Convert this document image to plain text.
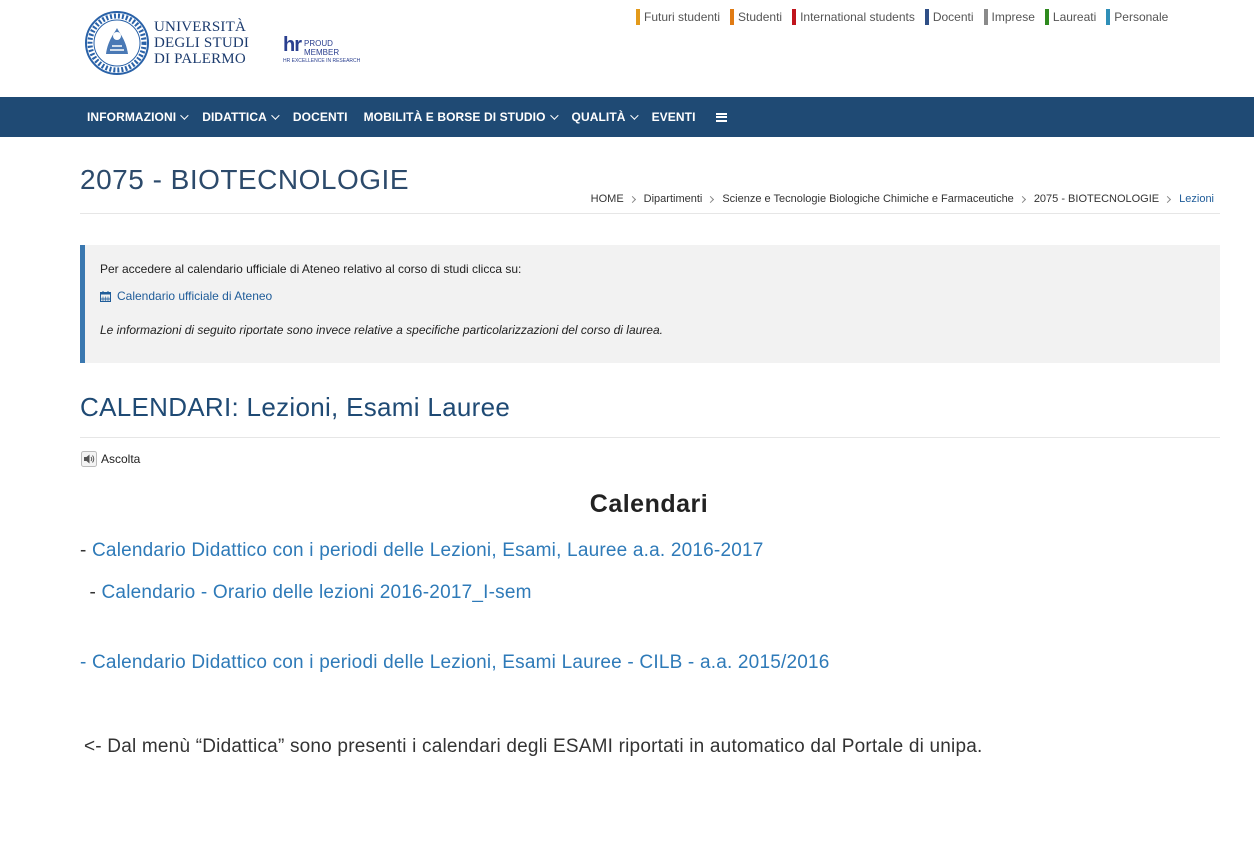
UNIVERSITÀ
DEGLI STUDI
DI PALERMO
hr PROUD
MEMBER
HR EXCELLENCE IN RESEARCH
Futuri studenti Studenti International students Docenti Imprese Laureati Personale
INFORMAZIONI DIDATTICA DOCENTI MOBILITÀ E BORSE DI STUDIO QUALITÀ EVENTI
2075 - BIOTECNOLOGIE
HOME Dipartimenti Scienze e Tecnologie Biologiche Chimiche e Farmaceutiche 2075 - BIOTECNOLOGIE Lezioni
Per accedere al calendario ufficiale di Ateneo relativo al corso di studi clicca su:
Calendario ufficiale di Ateneo
Le informazioni di seguito riportate sono invece relative a specifiche particolarizzazioni del corso di laurea.
CALENDARI: Lezioni, Esami Lauree
Ascolta
Calendari
- Calendario Didattico con i periodi delle Lezioni, Esami, Lauree a.a. 2016-2017
- Calendario - Orario delle lezioni 2016-2017_I-sem
- Calendario Didattico con i periodi delle Lezioni, Esami Lauree - CILB - a.a. 2015/2016
<- Dal menù “Didattica” sono presenti i calendari degli ESAMI riportati in automatico dal Portale di unipa.
